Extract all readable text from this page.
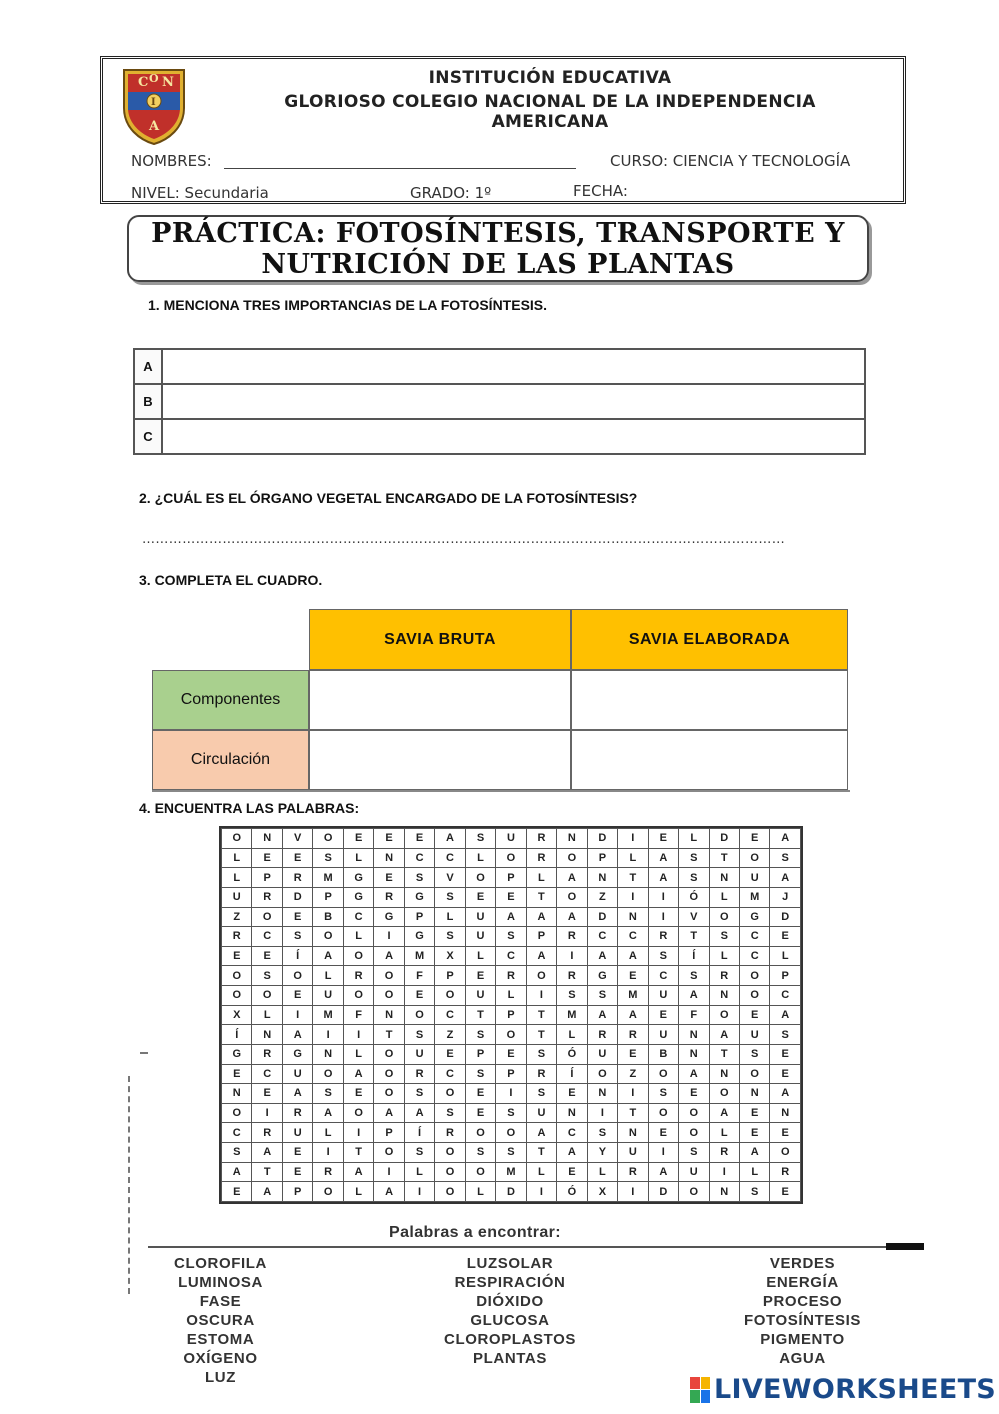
C N
O
I
A
INSTITUCIÓN EDUCATIVA
GLORIOSO COLEGIO NACIONAL DE LA INDEPENDENCIA AMERICANA
NOMBRES:	CURSO: CIENCIA Y TECNOLOGÍA
NIVEL: Secundaria	GRADO: 1º	FECHA:
PRÁCTICA: FOTOSÍNTESIS, TRANSPORTE Y
NUTRICIÓN DE LAS PLANTAS
1. MENCIONA TRES IMPORTANCIAS DE LA FOTOSÍNTESIS.
A	
B	
C	
2. ¿CUÁL ES EL ÓRGANO VEGETAL ENCARGADO DE LA FOTOSÍNTESIS?
………………………………………………………………………………………………………………………………
3. COMPLETA EL CUADRO.
SAVIA BRUTA	SAVIA ELABORADA
Componentes
Circulación
4. ENCUENTRA LAS PALABRAS:
O	N	V	O	E	E	E	A	S	U	R	N	D	I	E	L	D	E	A
L	E	E	S	L	N	C	C	L	O	R	O	P	L	A	S	T	O	S
L	P	R	M	G	E	S	V	O	P	L	A	N	T	A	S	N	U	A
U	R	D	P	G	R	G	S	E	E	T	O	Z	I	I	Ó	L	M	J
Z	O	E	B	C	G	P	L	U	A	A	A	D	N	I	V	O	G	D
R	C	S	O	L	I	G	S	U	S	P	R	C	C	R	T	S	C	E
E	E	Í	A	O	A	M	X	L	C	A	I	A	A	S	Í	L	C	L
O	S	O	L	R	O	F	P	E	R	O	R	G	E	C	S	R	O	P
O	O	E	U	O	O	E	O	U	L	I	S	S	M	U	A	N	O	C
X	L	I	M	F	N	O	C	T	P	T	M	A	A	E	F	O	E	A
Í	N	A	I	I	T	S	Z	S	O	T	L	R	R	U	N	A	U	S
G	R	G	N	L	O	U	E	P	E	S	Ó	U	E	B	N	T	S	E
E	C	U	O	A	O	R	C	S	P	R	Í	O	Z	O	A	N	O	E
N	E	A	S	E	O	S	O	E	I	S	E	N	I	S	E	O	N	A
O	I	R	A	O	A	A	S	E	S	U	N	I	T	O	O	A	E	N
C	R	U	L	I	P	Í	R	O	O	A	C	S	N	E	O	L	E	E
S	A	E	I	T	O	S	O	S	S	T	A	Y	U	I	S	R	A	O
A	T	E	R	A	I	L	O	O	M	L	E	L	R	A	U	I	L	R
E	A	P	O	L	A	I	O	L	D	I	Ó	X	I	D	O	N	S	E
Palabras a encontrar:
CLOROFILA
LUMINOSA
FASE
OSCURA
ESTOMA
OXÍGENO
LUZ
LUZSOLAR
RESPIRACIÓN
DIÓXIDO
GLUCOSA
CLOROPLASTOS
PLANTAS
VERDES
ENERGÍA
PROCESO
FOTOSÍNTESIS
PIGMENTO
AGUA
LIVEWORKSHEETS
